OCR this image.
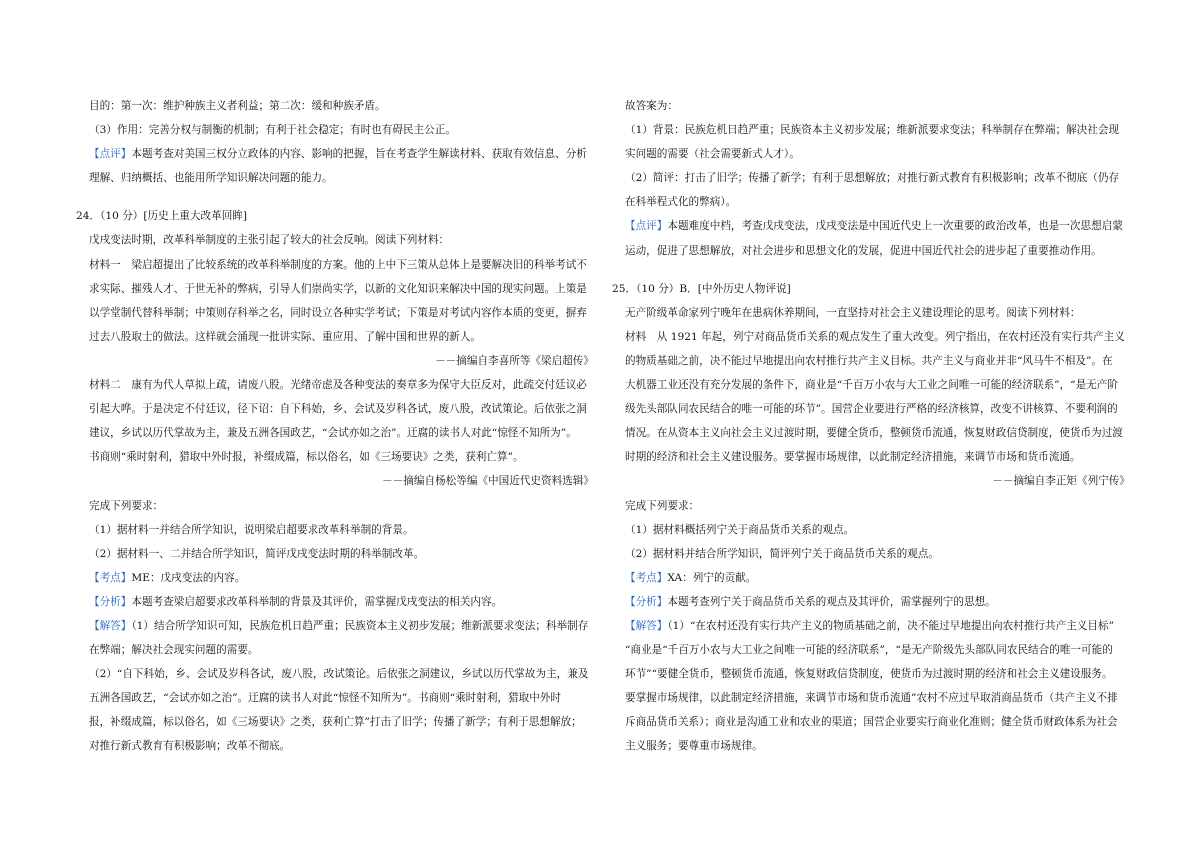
目的：第一次：维护种族主义者利益；第二次：缓和种族矛盾。
（3）作用：完善分权与制衡的机制；有利于社会稳定；有时也有碍民主公正。
【点评】本题考查对美国三权分立政体的内容、影响的把握，旨在考查学生解读材料、获取有效信息、分析
理解、归纳概括、也能用所学知识解决问题的能力。
24．（10 分）[历史上重大改革回眸]
戊戌变法时期，改革科举制度的主张引起了较大的社会反响。阅读下列材料：
材料一　梁启超提出了比较系统的改革科举制度的方案。他的上中下三策从总体上是要解决旧的科举考试不
求实际、摧残人才、于世无补的弊病，引导人们崇尚实学，以新的文化知识来解决中国的现实问题。上策是
以学堂制代替科举制；中策则存科举之名，同时设立各种实学考试；下策是对考试内容作本质的变更，摒弃
过去八股取士的做法。这样就会涌现一批讲实际、重应用、了解中国和世界的新人。
－－摘编自李喜所等《梁启超传》
材料二　康有为代人草拟上疏，请废八股。光绪帝虑及各种变法的奏章多为保守大臣反对，此疏交付廷议必
引起大哗。于是决定不付廷议，径下诏：自下科始，乡、会试及岁科各试，废八股，改试策论。后依张之洞
建议，乡试以历代掌故为主，兼及五洲各国政艺，“会试亦如之治”。迂腐的读书人对此“惊怪不知所为”。
书商则“乘时射利，猎取中外时报，补缀成篇，标以俗名，如《三场要诀》之类，获利亡算”。
－－摘编自杨松等编《中国近代史资料选辑》
完成下列要求：
（1）据材料一并结合所学知识，说明梁启超要求改革科举制的背景。
（2）据材料一、二并结合所学知识，简评戊戌变法时期的科举制改革。
【考点】ME：戊戌变法的内容。
【分析】本题考查梁启超要求改革科举制的背景及其评价，需掌握戊戌变法的相关内容。
【解答】（1）结合所学知识可知，民族危机日趋严重；民族资本主义初步发展；维新派要求变法；科举制存
在弊端；解决社会现实问题的需要。
（2）“自下科始，乡、会试及岁科各试，废八股，改试策论。后依张之洞建议，乡试以历代掌故为主，兼及
五洲各国政艺，“会试亦如之治”。迂腐的读书人对此“惊怪不知所为”。书商则“乘时射利，猎取中外时
报，补缀成篇，标以俗名，如《三场要诀》之类，获利亡算”打击了旧学；传播了新学；有利于思想解放；
对推行新式教育有积极影响；改革不彻底。
故答案为：
（1）背景：民族危机日趋严重；民族资本主义初步发展；维新派要求变法；科举制存在弊端；解决社会现
实问题的需要（社会需要新式人才）。
（2）简评：打击了旧学；传播了新学；有利于思想解放；对推行新式教育有积极影响；改革不彻底（仍存
在科举程式化的弊病）。
【点评】本题难度中档，考查戊戌变法，戊戌变法是中国近代史上一次重要的政治改革，也是一次思想启蒙
运动，促进了思想解放，对社会进步和思想文化的发展，促进中国近代社会的进步起了重要推动作用。
25．（10 分）B．[中外历史人物评说]
无产阶级革命家列宁晚年在患病休养期间，一直坚持对社会主义建设理论的思考。阅读下列材料：
材料　从 1921 年起，列宁对商品货币关系的观点发生了重大改变。列宁指出，在农村还没有实行共产主义
的物质基础之前，决不能过早地提出向农村推行共产主义目标。共产主义与商业并非“风马牛不相及”。在
大机器工业还没有充分发展的条件下，商业是“千百万小农与大工业之间唯一可能的经济联系”，“是无产阶
级先头部队同农民结合的唯一可能的环节”。国营企业要进行严格的经济核算，改变不讲核算、不要利润的
情况。在从资本主义向社会主义过渡时期，要健全货币，整顿货币流通，恢复财政信贷制度，使货币为过渡
时期的经济和社会主义建设服务。要掌握市场规律，以此制定经济措施，来调节市场和货币流通。
－－摘编自李正矩《列宁传》
完成下列要求：
（1）据材料概括列宁关于商品货币关系的观点。
（2）据材料并结合所学知识，简评列宁关于商品货币关系的观点。
【考点】XA：列宁的贡献。
【分析】本题考查列宁关于商品货币关系的观点及其评价，需掌握列宁的思想。
【解答】（1）“在农村还没有实行共产主义的物质基础之前，决不能过早地提出向农村推行共产主义目标”
“商业是“千百万小农与大工业之间唯一可能的经济联系”，“是无产阶级先头部队同农民结合的唯一可能的
环节”“要健全货币，整顿货币流通，恢复财政信贷制度，使货币为过渡时期的经济和社会主义建设服务。
要掌握市场规律，以此制定经济措施，来调节市场和货币流通”农村不应过早取消商品货币（共产主义不排
斥商品货币关系）；商业是沟通工业和农业的渠道；国营企业要实行商业化准则；健全货币财政体系为社会
主义服务；要尊重市场规律。
